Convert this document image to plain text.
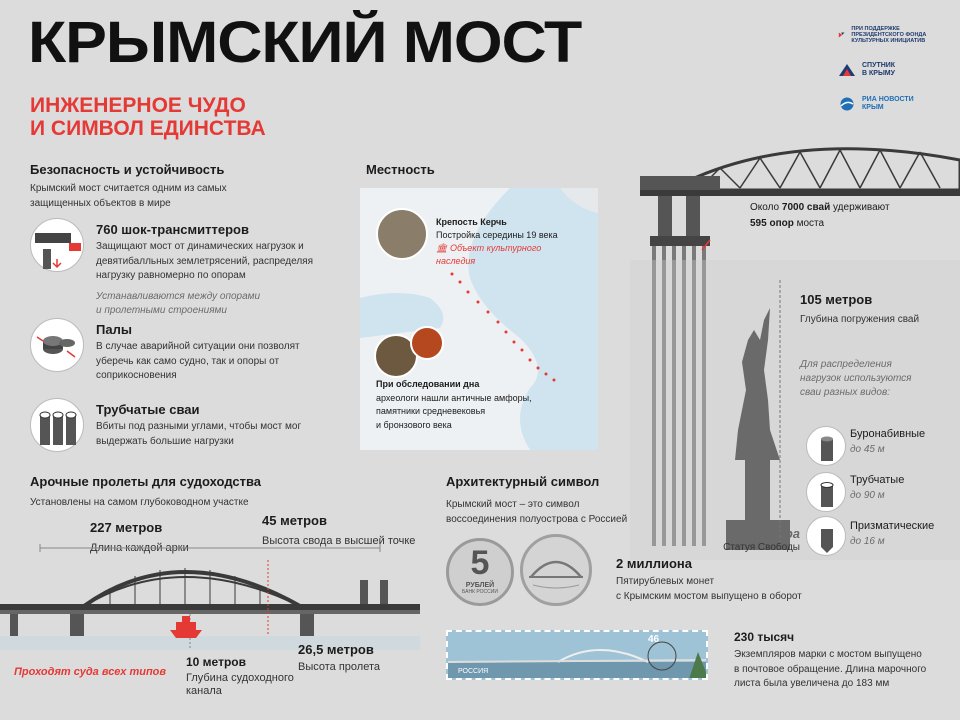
КРЫМСКИЙ МОСТ
ИНЖЕНЕРНОЕ ЧУДО
И СИМВОЛ ЕДИНСТВА
ПРИ ПОДДЕРЖКЕ ПРЕЗИДЕНТСКОГО ФОНДА КУЛЬТУРНЫХ ИНИЦИАТИВ
СПУТНИК
В КРЫМУ
РИА НОВОСТИ
КРЫМ
Безопасность и устойчивость
Крымский мост считается одним из самых
защищенных объектов в мире
760 шок-трансмиттеров
Защищают мост от динамических нагрузок и
девятибалльных землетрясений, распределяя
нагрузку равномерно по опорам
Устанавливаются между опорами
и пролетными строениями
Палы
В случае аварийной ситуации они позволят
уберечь как само судно, так и опоры от
соприкосновения
Трубчатые сваи
Вбиты под разными углами, чтобы мост мог
выдержать большие нагрузки
Местность
Крепость Керчь
Постройка середины 19 века
🏛 Объект культурного
наследия
При обследовании дна
археологи нашли античные амфоры,
памятники средневековья
и бронзового века
Около 7000 свай удерживают
595 опор моста
105 метров
Глубина погружения свай
Для распределения
нагрузок используются
сваи разных видов:
Буронабивные
до 45 м
Трубчатые
до 90 м
Призматические
до 16 м
93 метра
Статуя Свободы
Арочные пролеты для судоходства
Установлены на самом глубоководном участке
227 метров
Длина каждой арки
45 метров
Высота свода в высшей точке
Проходят суда всех типов
10 метров
Глубина судоходного
канала
26,5 метров
Высота пролета
Архитектурный символ
Крымский мост – это символ
воссоединения полуострова с Россией
5
РУБЛЕЙ
БАНК РОССИИ
2 миллиона
Пятирублевых монет
с Крымским мостом выпущено в оборот
46
РОССИЯ
230 тысяч
Экземпляров марки с мостом выпущено
в почтовое обращение. Длина марочного
листа была увеличена до 183 мм
